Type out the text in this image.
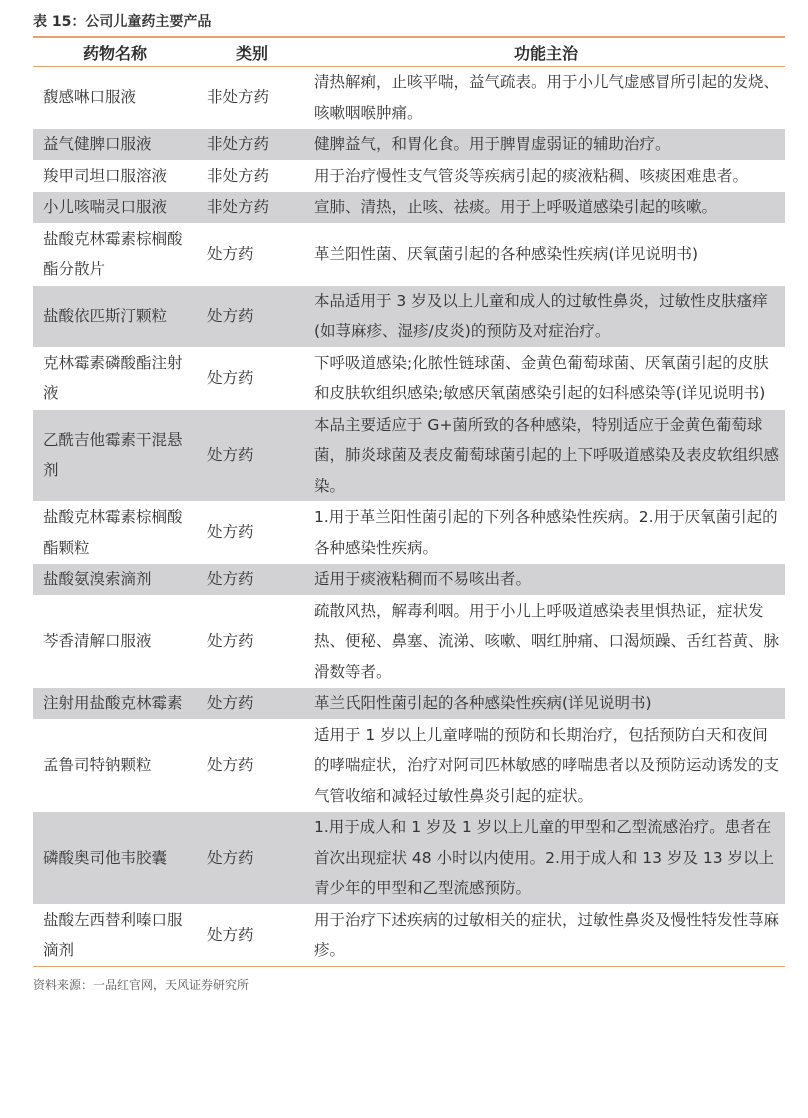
表 15：公司儿童药主要产品
药物名称	类别	功能主治
馥感啉口服液	非处方药	清热解痢，止咳平喘，益气疏表。用于小儿气虚感冒所引起的发烧、咳嗽咽喉肿痛。
益气健脾口服液	非处方药	健脾益气，和胃化食。用于脾胃虚弱证的辅助治疗。
羧甲司坦口服溶液	非处方药	用于治疗慢性支气管炎等疾病引起的痰液粘稠、咳痰困难患者。
小儿咳喘灵口服液	非处方药	宣肺、清热，止咳、祛痰。用于上呼吸道感染引起的咳嗽。
盐酸克林霉素棕榈酸酯分散片	处方药	革兰阳性菌、厌氧菌引起的各种感染性疾病(详见说明书)
盐酸依匹斯汀颗粒	处方药	本品适用于 3 岁及以上儿童和成人的过敏性鼻炎，过敏性皮肤瘙痒(如荨麻疹、湿疹/皮炎)的预防及对症治疗。
克林霉素磷酸酯注射液	处方药	下呼吸道感染;化脓性链球菌、金黄色葡萄球菌、厌氧菌引起的皮肤和皮肤软组织感染;敏感厌氧菌感染引起的妇科感染等(详见说明书)
乙酰吉他霉素干混悬剂	处方药	本品主要适应于 G+菌所致的各种感染，特别适应于金黄色葡萄球菌，肺炎球菌及表皮葡萄球菌引起的上下呼吸道感染及表皮软组织感染。
盐酸克林霉素棕榈酸酯颗粒	处方药	1.用于革兰阳性菌引起的下列各种感染性疾病。2.用于厌氧菌引起的各种感染性疾病。
盐酸氨溴索滴剂	处方药	适用于痰液粘稠而不易咳出者。
芩香清解口服液	处方药	疏散风热，解毒利咽。用于小儿上呼吸道感染表里惧热证，症状发热、便秘、鼻塞、流涕、咳嗽、咽红肿痛、口渴烦躁、舌红苔黄、脉滑数等者。
注射用盐酸克林霉素	处方药	革兰氏阳性菌引起的各种感染性疾病(详见说明书)
孟鲁司特钠颗粒	处方药	适用于 1 岁以上儿童哮喘的预防和长期治疗，包括预防白天和夜间的哮喘症状，治疗对阿司匹林敏感的哮喘患者以及预防运动诱发的支气管收缩和减轻过敏性鼻炎引起的症状。
磷酸奥司他韦胶囊	处方药	1.用于成人和 1 岁及 1 岁以上儿童的甲型和乙型流感治疗。患者在首次出现症状 48 小时以内使用。2.用于成人和 13 岁及 13 岁以上青少年的甲型和乙型流感预防。
盐酸左西替利嗪口服滴剂	处方药	用于治疗下述疾病的过敏相关的症状，过敏性鼻炎及慢性特发性荨麻疹。
资料来源：一品红官网，天风证券研究所
